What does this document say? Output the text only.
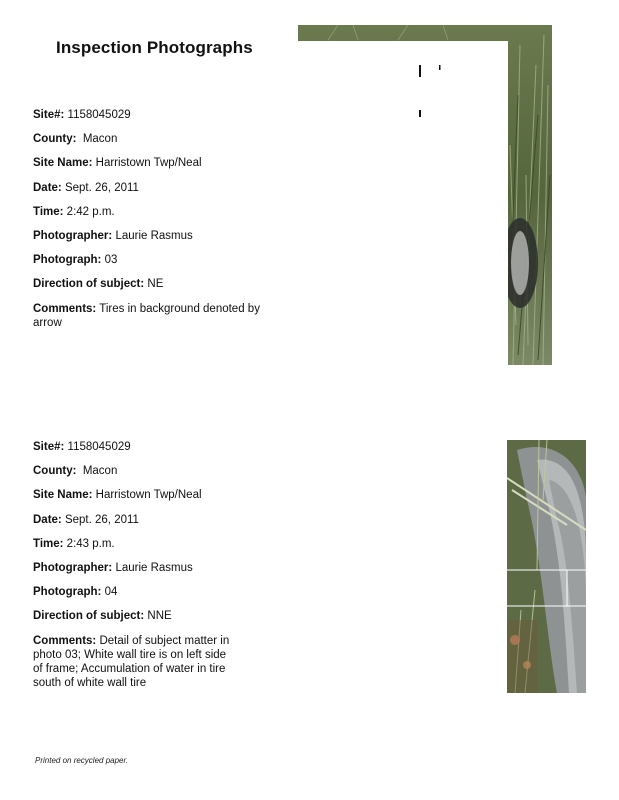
Inspection Photographs
Site#: 1158045029
County: Macon
Site Name: Harristown Twp/Neal
Date: Sept. 26, 2011
Time: 2:42 p.m.
Photographer: Laurie Rasmus
Photograph: 03
Direction of subject: NE
Comments: Tires in background denoted by arrow
Site#: 1158045029
County: Macon
Site Name: Harristown Twp/Neal
Date: Sept. 26, 2011
Time: 2:43 p.m.
Photographer: Laurie Rasmus
Photograph: 04
Direction of subject: NNE
Comments: Detail of subject matter in photo 03; White wall tire is on left side of frame; Accumulation of water in tire south of white wall tire
Printed on recycled paper.
